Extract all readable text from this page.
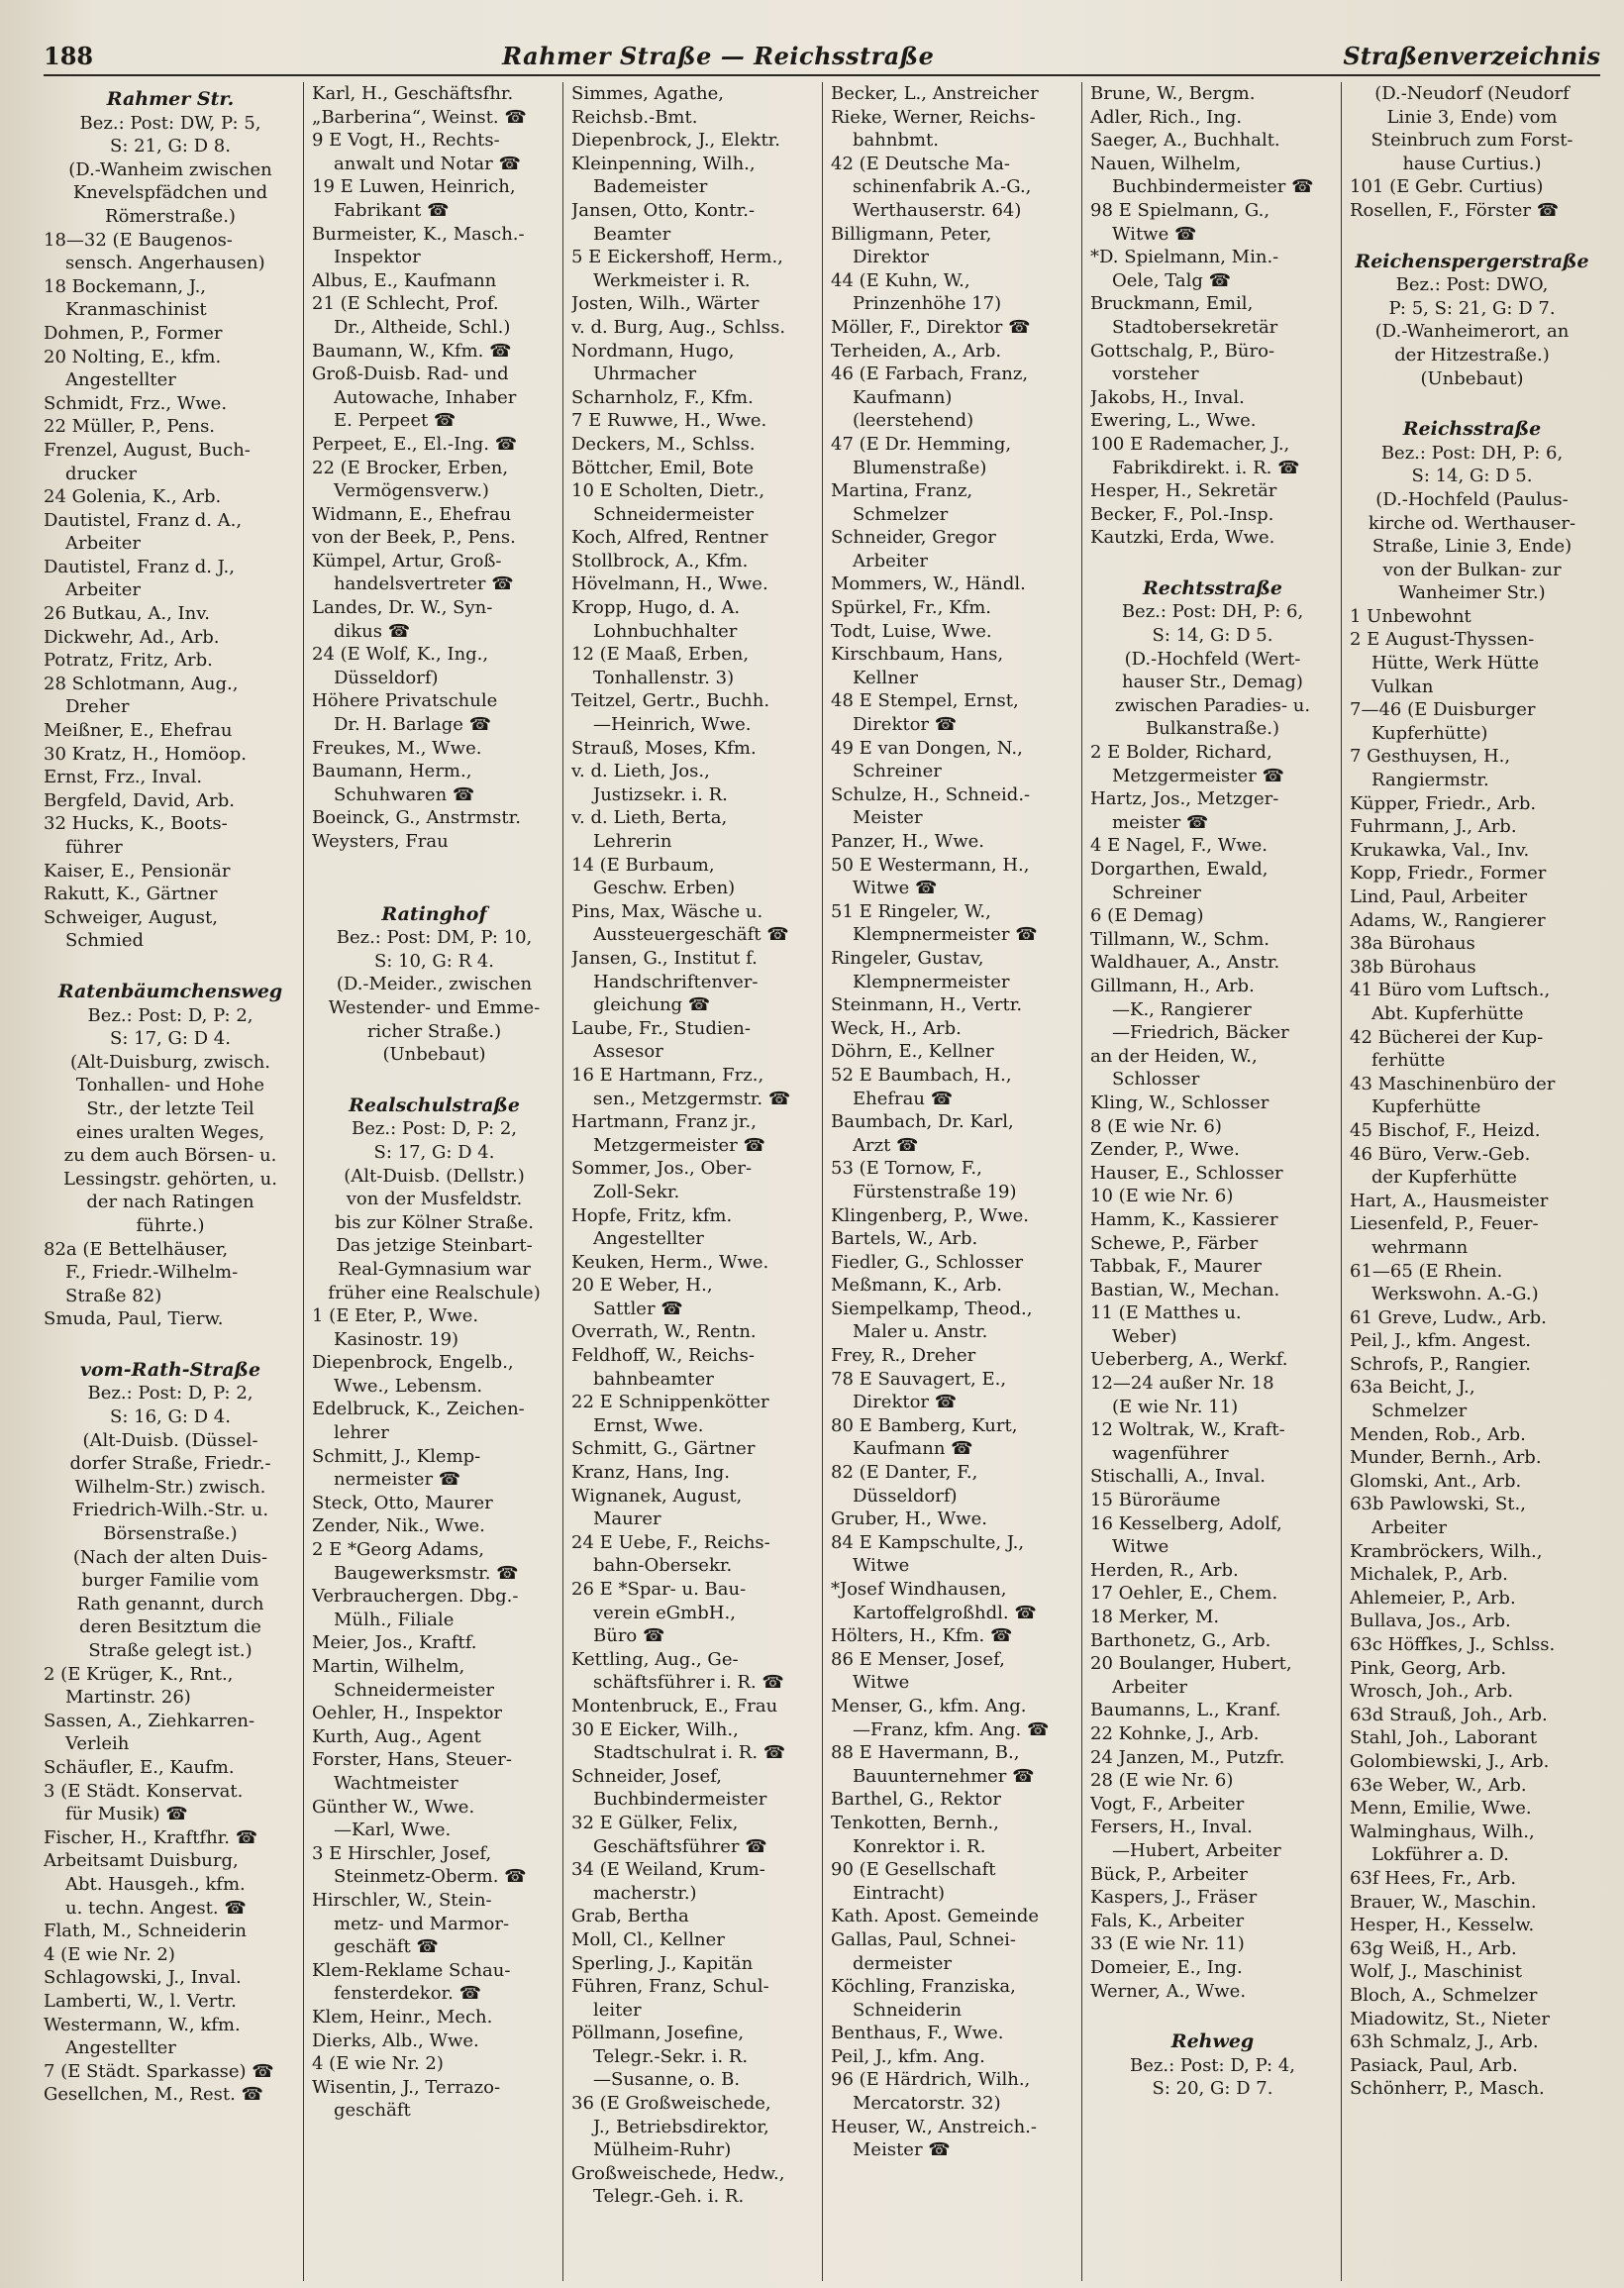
188	Rahmer Straße — Reichsstraße	Straßenverzeichnis
Rahmer Str.
Bez.: Post: DW, P: 5,
S: 21, G: D 8.
(D.-Wanheim zwischen
Knevelspfädchen und
Römerstraße.)
18—32 (E Baugenos-
sensch. Angerhausen)
18 Bockemann, J.,
Kranmaschinist
Dohmen, P., Former
20 Nolting, E., kfm.
Angestellter
Schmidt, Frz., Wwe.
22 Müller, P., Pens.
Frenzel, August, Buch-
drucker
24 Golenia, K., Arb.
Dautistel, Franz d. A.,
Arbeiter
Dautistel, Franz d. J.,
Arbeiter
26 Butkau, A., Inv.
Dickwehr, Ad., Arb.
Potratz, Fritz, Arb.
28 Schlotmann, Aug.,
Dreher
Meißner, E., Ehefrau
30 Kratz, H., Homöop.
Ernst, Frz., Inval.
Bergfeld, David, Arb.
32 Hucks, K., Boots-
führer
Kaiser, E., Pensionär
Rakutt, K., Gärtner
Schweiger, August,
Schmied
Ratenbäumchensweg
Bez.: Post: D, P: 2,
S: 17, G: D 4.
(Alt-Duisburg, zwisch.
Tonhallen- und Hohe
Str., der letzte Teil
eines uralten Weges,
zu dem auch Börsen- u.
Lessingstr. gehörten, u.
der nach Ratingen
führte.)
82a (E Bettelhäuser,
F., Friedr.-Wilhelm-
Straße 82)
Smuda, Paul, Tierw.
vom-Rath-Straße
Bez.: Post: D, P: 2,
S: 16, G: D 4.
(Alt-Duisb. (Düssel-
dorfer Straße, Friedr.-
Wilhelm-Str.) zwisch.
Friedrich-Wilh.-Str. u.
Börsenstraße.)
(Nach der alten Duis-
burger Familie vom
Rath genannt, durch
deren Besitztum die
Straße gelegt ist.)
2 (E Krüger, K., Rnt.,
Martinstr. 26)
Sassen, A., Ziehkarren-
Verleih
Schäufler, E., Kaufm.
3 (E Städt. Konservat.
für Musik) ☎
Fischer, H., Kraftfhr. ☎
Arbeitsamt Duisburg,
Abt. Hausgeh., kfm.
u. techn. Angest. ☎
Flath, M., Schneiderin
4 (E wie Nr. 2)
Schlagowski, J., Inval.
Lamberti, W., l. Vertr.
Westermann, W., kfm.
Angestellter
7 (E Städt. Sparkasse) ☎
Gesellchen, M., Rest. ☎
Karl, H., Geschäftsfhr.
„Barberina“, Weinst. ☎
9 E Vogt, H., Rechts-
anwalt und Notar ☎
19 E Luwen, Heinrich,
Fabrikant ☎
Burmeister, K., Masch.-
Inspektor
Albus, E., Kaufmann
21 (E Schlecht, Prof.
Dr., Altheide, Schl.)
Baumann, W., Kfm. ☎
Groß-Duisb. Rad- und
Autowache, Inhaber
E. Perpeet ☎
Perpeet, E., El.-Ing. ☎
22 (E Brocker, Erben,
Vermögensverw.)
Widmann, E., Ehefrau
von der Beek, P., Pens.
Kümpel, Artur, Groß-
handelsvertreter ☎
Landes, Dr. W., Syn-
dikus ☎
24 (E Wolf, K., Ing.,
Düsseldorf)
Höhere Privatschule
Dr. H. Barlage ☎
Freukes, M., Wwe.
Baumann, Herm.,
Schuhwaren ☎
Boeinck, G., Anstrmstr.
Weysters, Frau
Ratinghof
Bez.: Post: DM, P: 10,
S: 10, G: R 4.
(D.-Meider., zwischen
Westender- und Emme-
richer Straße.)
(Unbebaut)
Realschulstraße
Bez.: Post: D, P: 2,
S: 17, G: D 4.
(Alt-Duisb. (Dellstr.)
von der Musfeldstr.
bis zur Kölner Straße.
Das jetzige Steinbart-
Real-Gymnasium war
früher eine Realschule)
1 (E Eter, P., Wwe.
Kasinostr. 19)
Diepenbrock, Engelb.,
Wwe., Lebensm.
Edelbruck, K., Zeichen-
lehrer
Schmitt, J., Klemp-
nermeister ☎
Steck, Otto, Maurer
Zender, Nik., Wwe.
2 E *Georg Adams,
Baugewerksmstr. ☎
Verbrauchergen. Dbg.-
Mülh., Filiale
Meier, Jos., Kraftf.
Martin, Wilhelm,
Schneidermeister
Oehler, H., Inspektor
Kurth, Aug., Agent
Forster, Hans, Steuer-
Wachtmeister
Günther W., Wwe.
—Karl, Wwe.
3 E Hirschler, Josef,
Steinmetz-Oberm. ☎
Hirschler, W., Stein-
metz- und Marmor-
geschäft ☎
Klem-Reklame Schau-
fensterdekor. ☎
Klem, Heinr., Mech.
Dierks, Alb., Wwe.
4 (E wie Nr. 2)
Wisentin, J., Terrazo-
geschäft
Simmes, Agathe,
Reichsb.-Bmt.
Diepenbrock, J., Elektr.
Kleinpenning, Wilh.,
Bademeister
Jansen, Otto, Kontr.-
Beamter
5 E Eickershoff, Herm.,
Werkmeister i. R.
Josten, Wilh., Wärter
v. d. Burg, Aug., Schlss.
Nordmann, Hugo,
Uhrmacher
Scharnholz, F., Kfm.
7 E Ruwwe, H., Wwe.
Deckers, M., Schlss.
Böttcher, Emil, Bote
10 E Scholten, Dietr.,
Schneidermeister
Koch, Alfred, Rentner
Stollbrock, A., Kfm.
Hövelmann, H., Wwe.
Kropp, Hugo, d. A.
Lohnbuchhalter
12 (E Maaß, Erben,
Tonhallenstr. 3)
Teitzel, Gertr., Buchh.
—Heinrich, Wwe.
Strauß, Moses, Kfm.
v. d. Lieth, Jos.,
Justizsekr. i. R.
v. d. Lieth, Berta,
Lehrerin
14 (E Burbaum,
Geschw. Erben)
Pins, Max, Wäsche u.
Aussteuergeschäft ☎
Jansen, G., Institut f.
Handschriftenver-
gleichung ☎
Laube, Fr., Studien-
Assesor
16 E Hartmann, Frz.,
sen., Metzgermstr. ☎
Hartmann, Franz jr.,
Metzgermeister ☎
Sommer, Jos., Ober-
Zoll-Sekr.
Hopfe, Fritz, kfm.
Angestellter
Keuken, Herm., Wwe.
20 E Weber, H.,
Sattler ☎
Overrath, W., Rentn.
Feldhoff, W., Reichs-
bahnbeamter
22 E Schnippenkötter
Ernst, Wwe.
Schmitt, G., Gärtner
Kranz, Hans, Ing.
Wignanek, August,
Maurer
24 E Uebe, F., Reichs-
bahn-Obersekr.
26 E *Spar- u. Bau-
verein eGmbH.,
Büro ☎
Kettling, Aug., Ge-
schäftsführer i. R. ☎
Montenbruck, E., Frau
30 E Eicker, Wilh.,
Stadtschulrat i. R. ☎
Schneider, Josef,
Buchbindermeister
32 E Gülker, Felix,
Geschäftsführer ☎
34 (E Weiland, Krum-
macherstr.)
Grab, Bertha
Moll, Cl., Kellner
Sperling, J., Kapitän
Führen, Franz, Schul-
leiter
Pöllmann, Josefine,
Telegr.-Sekr. i. R.
—Susanne, o. B.
36 (E Großweischede,
J., Betriebsdirektor,
Mülheim-Ruhr)
Großweischede, Hedw.,
Telegr.-Geh. i. R.
Becker, L., Anstreicher
Rieke, Werner, Reichs-
bahnbmt.
42 (E Deutsche Ma-
schinenfabrik A.-G.,
Werthauserstr. 64)
Billigmann, Peter,
Direktor
44 (E Kuhn, W.,
Prinzenhöhe 17)
Möller, F., Direktor ☎
Terheiden, A., Arb.
46 (E Farbach, Franz,
Kaufmann)
(leerstehend)
47 (E Dr. Hemming,
Blumenstraße)
Martina, Franz,
Schmelzer
Schneider, Gregor
Arbeiter
Mommers, W., Händl.
Spürkel, Fr., Kfm.
Todt, Luise, Wwe.
Kirschbaum, Hans,
Kellner
48 E Stempel, Ernst,
Direktor ☎
49 E van Dongen, N.,
Schreiner
Schulze, H., Schneid.-
Meister
Panzer, H., Wwe.
50 E Westermann, H.,
Witwe ☎
51 E Ringeler, W.,
Klempnermeister ☎
Ringeler, Gustav,
Klempnermeister
Steinmann, H., Vertr.
Weck, H., Arb.
Döhrn, E., Kellner
52 E Baumbach, H.,
Ehefrau ☎
Baumbach, Dr. Karl,
Arzt ☎
53 (E Tornow, F.,
Fürstenstraße 19)
Klingenberg, P., Wwe.
Bartels, W., Arb.
Fiedler, G., Schlosser
Meßmann, K., Arb.
Siempelkamp, Theod.,
Maler u. Anstr.
Frey, R., Dreher
78 E Sauvagert, E.,
Direktor ☎
80 E Bamberg, Kurt,
Kaufmann ☎
82 (E Danter, F.,
Düsseldorf)
Gruber, H., Wwe.
84 E Kampschulte, J.,
Witwe
*Josef Windhausen,
Kartoffelgroßhdl. ☎
Hölters, H., Kfm. ☎
86 E Menser, Josef,
Witwe
Menser, G., kfm. Ang.
—Franz, kfm. Ang. ☎
88 E Havermann, B.,
Bauunternehmer ☎
Barthel, G., Rektor
Tenkotten, Bernh.,
Konrektor i. R.
90 (E Gesellschaft
Eintracht)
Kath. Apost. Gemeinde
Gallas, Paul, Schnei-
dermeister
Köchling, Franziska,
Schneiderin
Benthaus, F., Wwe.
Peil, J., kfm. Ang.
96 (E Härdrich, Wilh.,
Mercatorstr. 32)
Heuser, W., Anstreich.-
Meister ☎
Brune, W., Bergm.
Adler, Rich., Ing.
Saeger, A., Buchhalt.
Nauen, Wilhelm,
Buchbindermeister ☎
98 E Spielmann, G.,
Witwe ☎
*D. Spielmann, Min.-
Oele, Talg ☎
Bruckmann, Emil,
Stadtobersekretär
Gottschalg, P., Büro-
vorsteher
Jakobs, H., Inval.
Ewering, L., Wwe.
100 E Rademacher, J.,
Fabrikdirekt. i. R. ☎
Hesper, H., Sekretär
Becker, F., Pol.-Insp.
Kautzki, Erda, Wwe.
Rechtsstraße
Bez.: Post: DH, P: 6,
S: 14, G: D 5.
(D.-Hochfeld (Wert-
hauser Str., Demag)
zwischen Paradies- u.
Bulkanstraße.)
2 E Bolder, Richard,
Metzgermeister ☎
Hartz, Jos., Metzger-
meister ☎
4 E Nagel, F., Wwe.
Dorgarthen, Ewald,
Schreiner
6 (E Demag)
Tillmann, W., Schm.
Waldhauer, A., Anstr.
Gillmann, H., Arb.
—K., Rangierer
—Friedrich, Bäcker
an der Heiden, W.,
Schlosser
Kling, W., Schlosser
8 (E wie Nr. 6)
Zender, P., Wwe.
Hauser, E., Schlosser
10 (E wie Nr. 6)
Hamm, K., Kassierer
Schewe, P., Färber
Tabbak, F., Maurer
Bastian, W., Mechan.
11 (E Matthes u.
Weber)
Ueberberg, A., Werkf.
12—24 außer Nr. 18
(E wie Nr. 11)
12 Woltrak, W., Kraft-
wagenführer
Stischalli, A., Inval.
15 Büroräume
16 Kesselberg, Adolf,
Witwe
Herden, R., Arb.
17 Oehler, E., Chem.
18 Merker, M.
Barthonetz, G., Arb.
20 Boulanger, Hubert,
Arbeiter
Baumanns, L., Kranf.
22 Kohnke, J., Arb.
24 Janzen, M., Putzfr.
28 (E wie Nr. 6)
Vogt, F., Arbeiter
Fersers, H., Inval.
—Hubert, Arbeiter
Bück, P., Arbeiter
Kaspers, J., Fräser
Fals, K., Arbeiter
33 (E wie Nr. 11)
Domeier, E., Ing.
Werner, A., Wwe.
Rehweg
Bez.: Post: D, P: 4,
S: 20, G: D 7.
(D.-Neudorf (Neudorf
Linie 3, Ende) vom
Steinbruch zum Forst-
hause Curtius.)
101 (E Gebr. Curtius)
Rosellen, F., Förster ☎
Reichenspergerstraße
Bez.: Post: DWO,
P: 5, S: 21, G: D 7.
(D.-Wanheimerort, an
der Hitzestraße.)
(Unbebaut)
Reichsstraße
Bez.: Post: DH, P: 6,
S: 14, G: D 5.
(D.-Hochfeld (Paulus-
kirche od. Werthauser-
Straße, Linie 3, Ende)
von der Bulkan- zur
Wanheimer Str.)
1 Unbewohnt
2 E August-Thyssen-
Hütte, Werk Hütte
Vulkan
7—46 (E Duisburger
Kupferhütte)
7 Gesthuysen, H.,
Rangiermstr.
Küpper, Friedr., Arb.
Fuhrmann, J., Arb.
Krukawka, Val., Inv.
Kopp, Friedr., Former
Lind, Paul, Arbeiter
Adams, W., Rangierer
38a Bürohaus
38b Bürohaus
41 Büro vom Luftsch.,
Abt. Kupferhütte
42 Bücherei der Kup-
ferhütte
43 Maschinenbüro der
Kupferhütte
45 Bischof, F., Heizd.
46 Büro, Verw.-Geb.
der Kupferhütte
Hart, A., Hausmeister
Liesenfeld, P., Feuer-
wehrmann
61—65 (E Rhein.
Werkswohn. A.-G.)
61 Greve, Ludw., Arb.
Peil, J., kfm. Angest.
Schrofs, P., Rangier.
63a Beicht, J.,
Schmelzer
Menden, Rob., Arb.
Munder, Bernh., Arb.
Glomski, Ant., Arb.
63b Pawlowski, St.,
Arbeiter
Krambröckers, Wilh.,
Michalek, P., Arb.
Ahlemeier, P., Arb.
Bullava, Jos., Arb.
63c Höffkes, J., Schlss.
Pink, Georg, Arb.
Wrosch, Joh., Arb.
63d Strauß, Joh., Arb.
Stahl, Joh., Laborant
Golombiewski, J., Arb.
63e Weber, W., Arb.
Menn, Emilie, Wwe.
Walminghaus, Wilh.,
Lokführer a. D.
63f Hees, Fr., Arb.
Brauer, W., Maschin.
Hesper, H., Kesselw.
63g Weiß, H., Arb.
Wolf, J., Maschinist
Bloch, A., Schmelzer
Miadowitz, St., Nieter
63h Schmalz, J., Arb.
Pasiack, Paul, Arb.
Schönherr, P., Masch.
